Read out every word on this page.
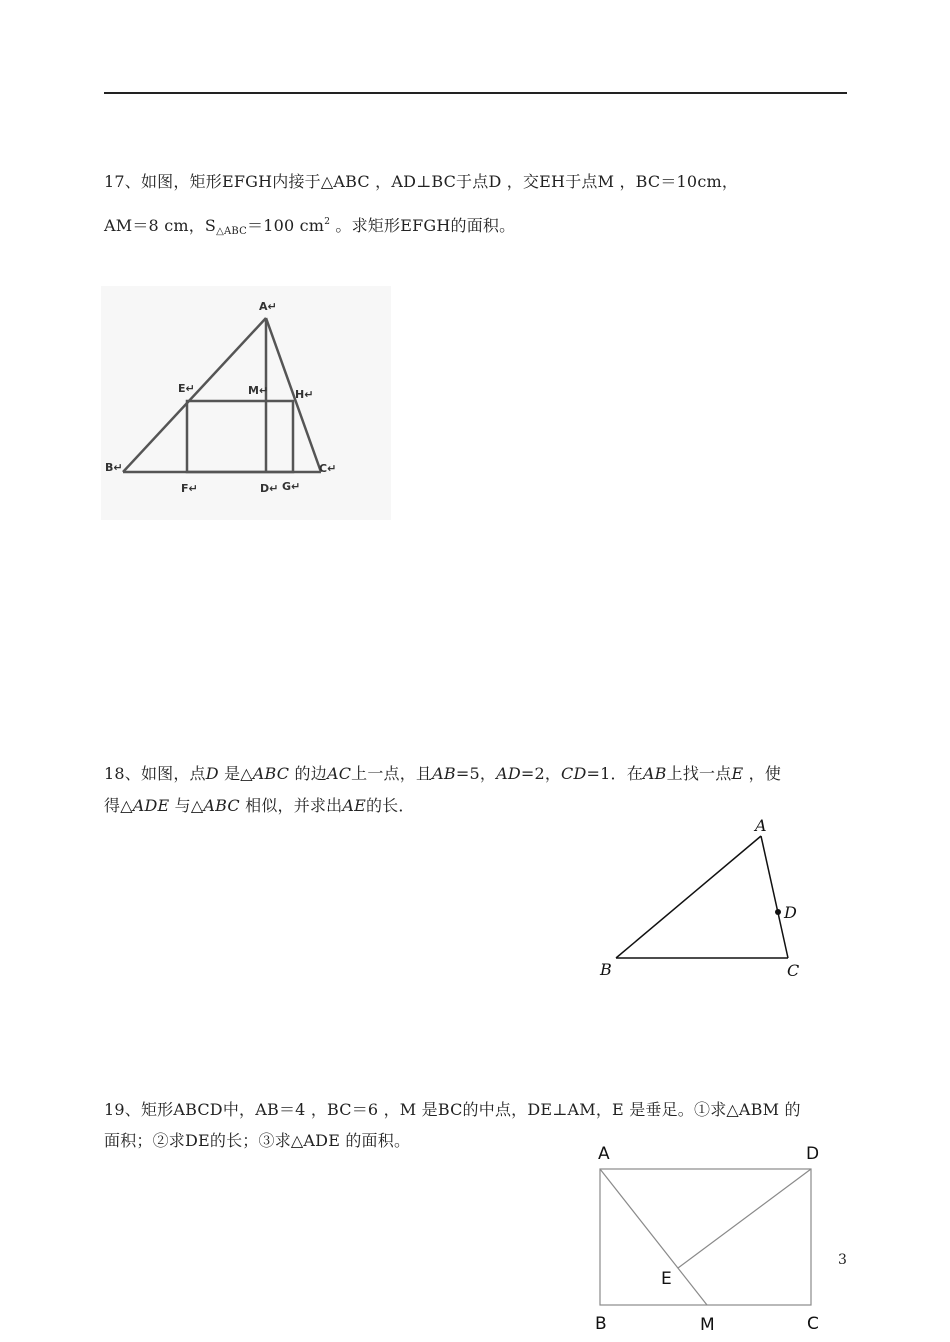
17、如图，矩形EFGH内接于△ABC ，AD⊥BC于点D ，交EH于点M ，BC＝10cm，
AM＝8 cm，$S_{\triangle ABC}=100$ $cm^2$ 。求矩形EFGH的面积。
A↵
E↵	M↵ H↵
B↵	C↵
F↵	D↵ G↵
18、如图，点D 是△ABC 的边AC上一点，且AB=5，AD=2，CD=1．在AB上找一点E ，使
得△ADE 与△ABC 相似，并求出AE的长．
A
B	C
D
19、矩形ABCD中，AB＝4 ，BC＝6 ，M 是BC的中点，DE⊥AM，E 是垂足。①求△ABM 的
面积；②求DE的长；③求△ADE 的面积。
A	D
B	M	C
E
3
